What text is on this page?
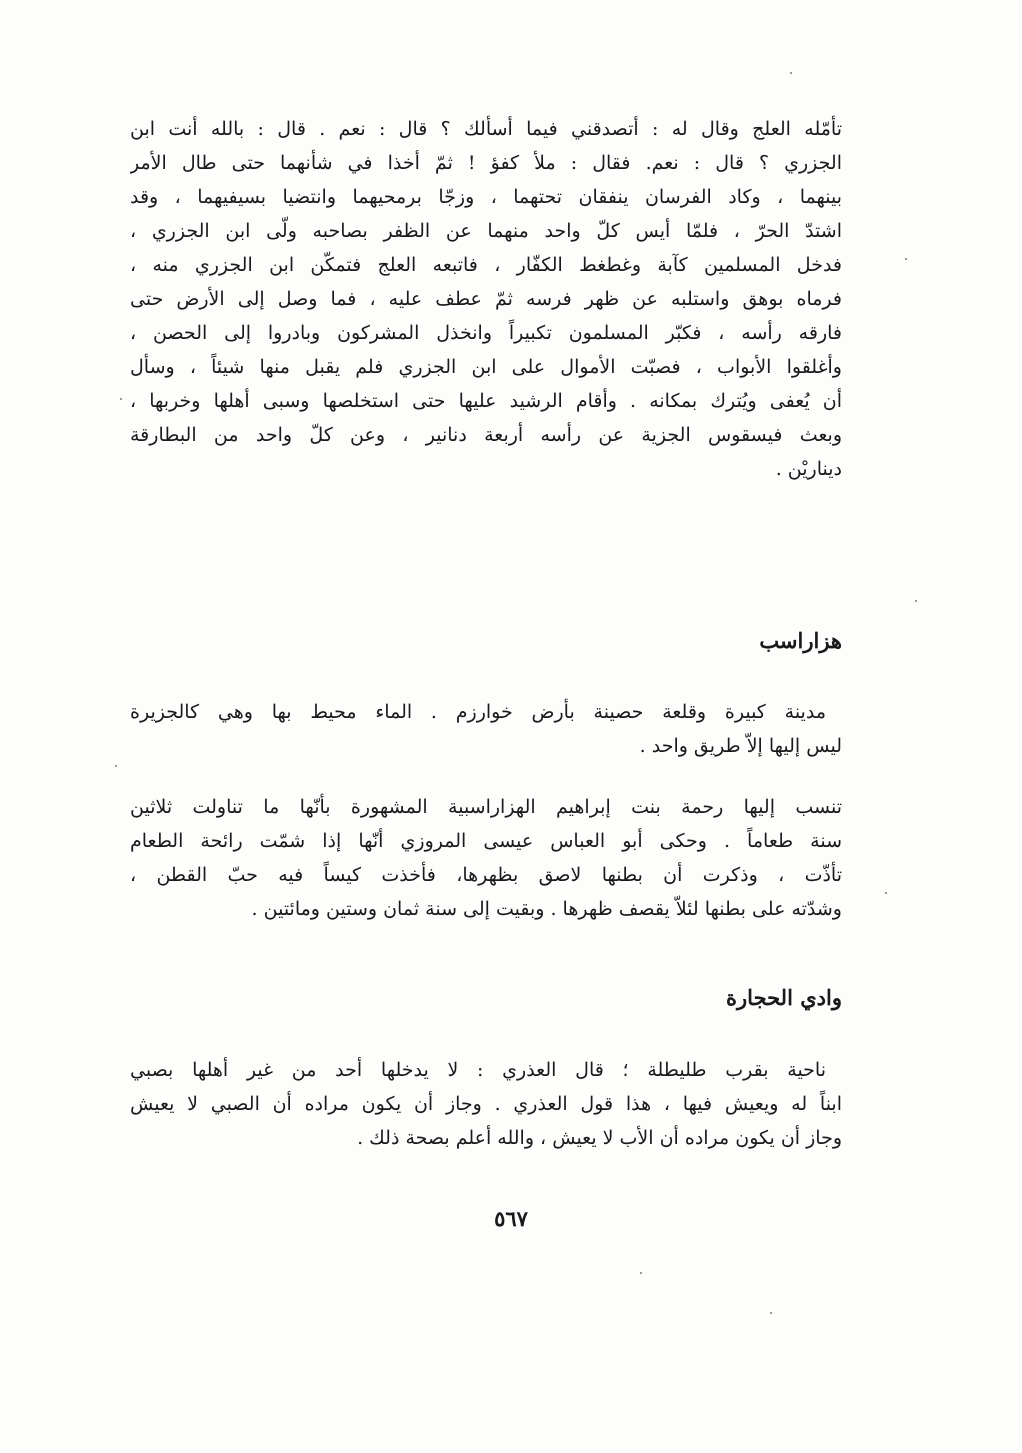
تأمّله العلج وقال له : أتصدقني فيما أسألك ؟ قال : نعم . قال : بالله أنت ابن
الجزري ؟ قال : نعم. فقال : ملأ كفؤ ! ثمّ أخذا في شأنهما حتى طال الأمر
بينهما ، وكاد الفرسان ينفقان تحتهما ، وزجّا برمحيهما وانتضيا بسيفيهما ، وقد
اشتدّ الحرّ ، فلمّا أيس كلّ واحد منهما عن الظفر بصاحبه ولّى ابن الجزري ،
فدخل المسلمين كآبة وغطغط الكفّار ، فاتبعه العلج فتمكّن ابن الجزري منه ،
فرماه بوهق واستلبه عن ظهر فرسه ثمّ عطف عليه ، فما وصل إلى الأرض حتى
فارقه رأسه ، فكبّر المسلمون تكبيراً وانخذل المشركون وبادروا إلى الحصن ،
وأغلقوا الأبواب ، فصبّت الأموال على ابن الجزري فلم يقبل منها شيئاً ، وسأل
أن يُعفى ويُترك بمكانه . وأقام الرشيد عليها حتى استخلصها وسبى أهلها وخربها ،
وبعث فيسقوس الجزية عن رأسه أربعة دنانير ، وعن كلّ واحد من البطارقة
ديناريْن .
هزاراسب
مدينة كبيرة وقلعة حصينة بأرض خوارزم . الماء محيط بها وهي كالجزيرة
ليس إليها إلاّ طريق واحد .
تنسب إليها رحمة بنت إبراهيم الهزاراسبية المشهورة بأنّها ما تناولت ثلاثين
سنة طعاماً . وحكى أبو العباس عيسى المروزي أنّها إذا شمّت رائحة الطعام
تأذّت ، وذكرت أن بطنها لاصق بظهرها، فأخذت كيساً فيه حبّ القطن ،
وشدّته على بطنها لئلاّ يقصف ظهرها . وبقيت إلى سنة ثمان وستين ومائتين .
وادي الحجارة
ناحية بقرب طليطلة ؛ قال العذري : لا يدخلها أحد من غير أهلها بصبي
ابناً له ويعيش فيها ، هذا قول العذري . وجاز أن يكون مراده أن الصبي لا يعيش
وجاز أن يكون مراده أن الأب لا يعيش ، والله أعلم بصحة ذلك .
٥٦٧
